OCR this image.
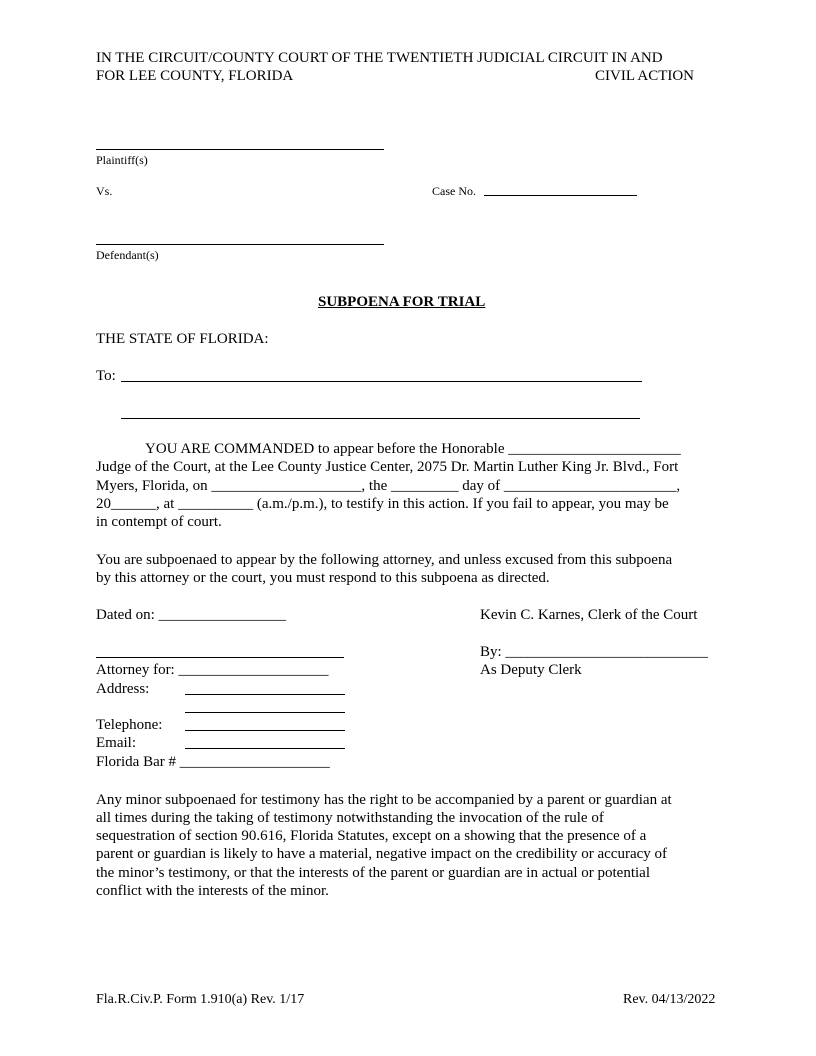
IN THE CIRCUIT/COUNTY COURT OF THE TWENTIETH JUDICIAL CIRCUIT IN AND
FOR LEE COUNTY, FLORIDA	CIVIL ACTION
Plaintiff(s)
Vs.	Case No.
Defendant(s)
SUBPOENA FOR TRIAL
THE STATE OF FLORIDA:
To:
YOU ARE COMMANDED to appear before the Honorable _______________________
Judge of the Court, at the Lee County Justice Center, 2075 Dr. Martin Luther King Jr. Blvd., Fort
Myers, Florida, on ____________________, the _________ day of _______________________,
20______, at __________ (a.m./p.m.), to testify in this action. If you fail to appear, you may be
in contempt of court.
You are subpoenaed to appear by the following attorney, and unless excused from this subpoena
by this attorney or the court, you must respond to this subpoena as directed.
Dated on: _________________	Kevin C. Karnes, Clerk of the Court
By: ___________________________
Attorney for: ____________________	As Deputy Clerk
Address:
Telephone:
Email:
Florida Bar # ____________________
Any minor subpoenaed for testimony has the right to be accompanied by a parent or guardian at
all times during the taking of testimony notwithstanding the invocation of the rule of
sequestration of section 90.616, Florida Statutes, except on a showing that the presence of a
parent or guardian is likely to have a material, negative impact on the credibility or accuracy of
the minor’s testimony, or that the interests of the parent or guardian are in actual or potential
conflict with the interests of the minor.
Fla.R.Civ.P. Form 1.910(a) Rev. 1/17	Rev. 04/13/2022
